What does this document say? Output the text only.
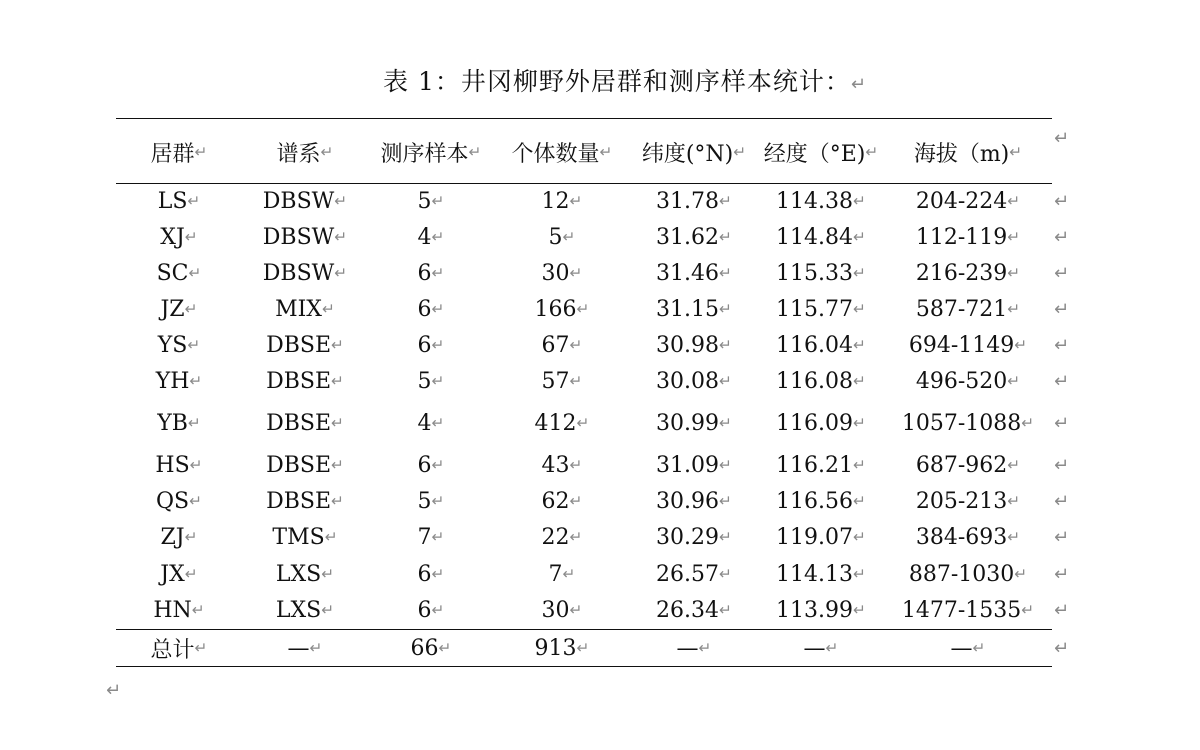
表 1：井冈柳野外居群和测序样本统计：↵
居群 ↵	谱系 ↵ 测序样本 ↵ 个体数量 ↵ 纬度(°N) ↵ 经度（°E) ↵ 海拔（m) ↵
↵
LS ↵	DBSW ↵	5 ↵	12 ↵	31.78 ↵ 114.38 ↵ 204-224 ↵ ↵
XJ ↵	DBSW ↵	4 ↵	5 ↵	31.62 ↵ 114.84 ↵ 112-119 ↵ ↵
SC ↵	DBSW ↵	6 ↵	30 ↵	31.46 ↵ 115.33 ↵ 216-239 ↵ ↵
JZ ↵	MIX ↵	6 ↵	166 ↵	31.15 ↵ 115.77 ↵ 587-721 ↵ ↵
YS ↵	DBSE ↵	6 ↵	67 ↵	30.98 ↵ 116.04 ↵ 694-1149 ↵ ↵
YH ↵	DBSE ↵	5 ↵	57 ↵	30.08 ↵ 116.08 ↵ 496-520 ↵ ↵
YB ↵	DBSE ↵	4 ↵	412 ↵	30.99 ↵ 116.09 ↵ 1057-1088 ↵ ↵
HS ↵	DBSE ↵	6 ↵	43 ↵	31.09 ↵ 116.21 ↵ 687-962 ↵ ↵
QS ↵	DBSE ↵	5 ↵	62 ↵	30.96 ↵ 116.56 ↵ 205-213 ↵ ↵
ZJ ↵	TMS ↵	7 ↵	22 ↵	30.29 ↵ 119.07 ↵ 384-693 ↵ ↵
JX ↵	LXS ↵	6 ↵	7 ↵	26.57 ↵ 114.13 ↵ 887-1030 ↵ ↵
HN ↵	LXS ↵	6 ↵	30 ↵	26.34 ↵ 113.99 ↵ 1477-1535 ↵ ↵
总计 ↵	— ↵	66 ↵	913 ↵	— ↵	— ↵	— ↵	↵
↵
